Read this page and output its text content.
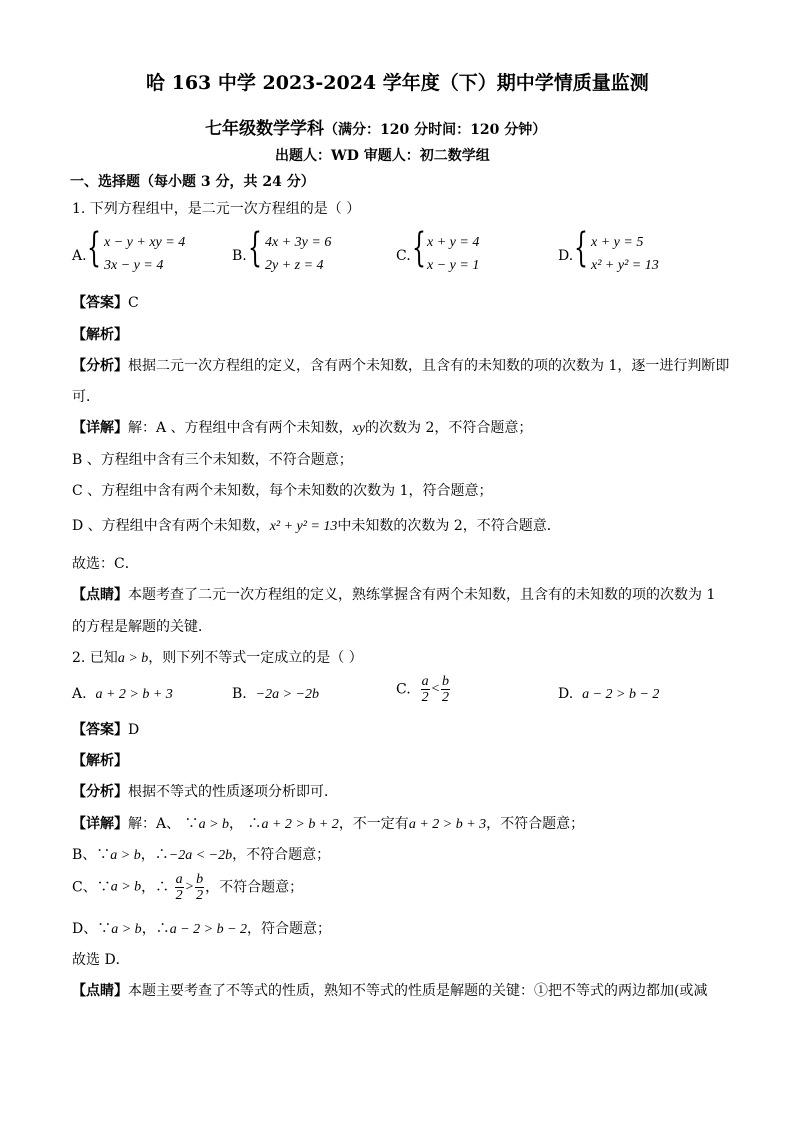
哈 163 中学 2023-2024 学年度（下）期中学情质量监测
七年级数学学科（满分：120 分时间：120 分钟）
出题人：WD 审题人：初二数学组
一、选择题（每小题 3 分，共 24 分）
1. 下列方程组中，是二元一次方程组的是（ ）
A. { x − y + xy = 4
3x − y = 4
B. { 4x + 3y = 6
2y + z = 4
C. { x + y = 4
x − y = 1
D. { x + y = 5
x² + y² = 13
【答案】C
【解析】
【分析】根据二元一次方程组的定义，含有两个未知数，且含有的未知数的项的次数为 1，逐一进行判断即
可．
【详解】解：A 、方程组中含有两个未知数，xy的次数为 2，不符合题意；
B 、方程组中含有三个未知数，不符合题意；
C 、方程组中含有两个未知数，每个未知数的次数为 1，符合题意；
D 、方程组中含有两个未知数，x² + y² = 13中未知数的次数为 2，不符合题意．
故选：C．
【点睛】本题考查了二元一次方程组的定义，熟练掌握含有两个未知数，且含有的未知数的项的次数为 1
的方程是解题的关键．
2. 已知a > b，则下列不等式一定成立的是（ ）
A. a + 2 > b + 3	B. −2a > −2b	C. $\frac{a}{2} < \frac{b}{2}$	D. a − 2 > b − 2
【答案】D
【解析】
【分析】根据不等式的性质逐项分析即可．
【详解】解：A、 ∵a > b， ∴a + 2 > b + 2，不一定有a + 2 > b + 3，不符合题意；
B、∵a > b，∴−2a < −2b，不符合题意；
C、∵a > b，∴ $\frac{a}{2} > \frac{b}{2}$ ，不符合题意；
D、∵a > b，∴a − 2 > b − 2，符合题意；
故选 D．
【点睛】本题主要考查了不等式的性质，熟知不等式的性质是解题的关键：①把不等式的两边都加(或减
